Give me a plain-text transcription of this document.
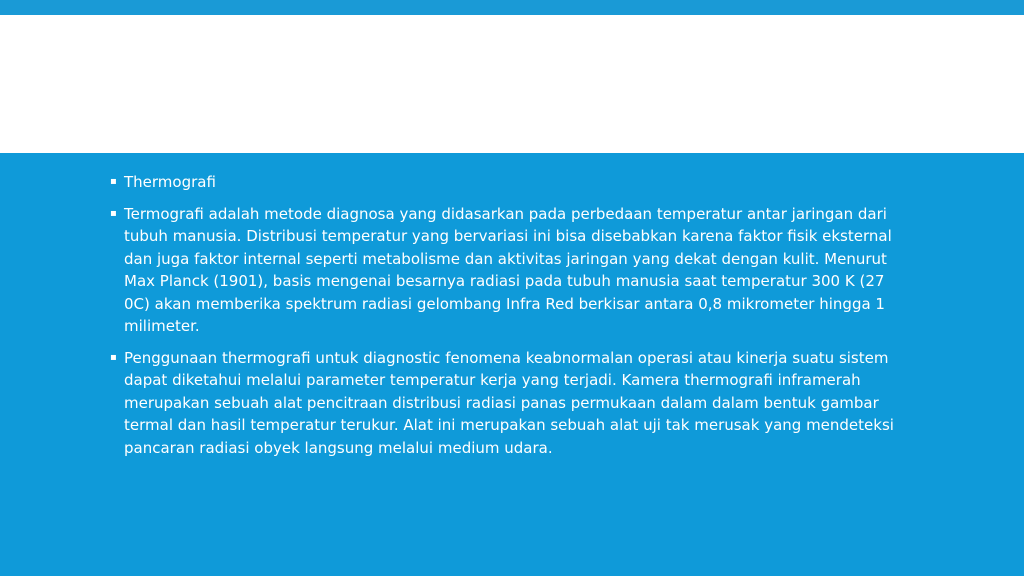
▪ Thermografi
▪ Termografi adalah metode diagnosa yang didasarkan pada perbedaan temperatur antar jaringan dari tubuh manusia. Distribusi temperatur yang bervariasi ini bisa disebabkan karena faktor fisik eksternal dan juga faktor internal seperti metabolisme dan aktivitas jaringan yang dekat dengan kulit. Menurut Max Planck (1901), basis mengenai besarnya radiasi pada tubuh manusia saat temperatur 300 K (27 0C) akan memberika spektrum radiasi gelombang Infra Red berkisar antara 0,8 mikrometer hingga 1 milimeter.
▪ Penggunaan thermografi untuk diagnostic fenomena keabnormalan operasi atau kinerja suatu sistem dapat diketahui melalui parameter temperatur kerja yang terjadi. Kamera thermografi inframerah merupakan sebuah alat pencitraan distribusi radiasi panas permukaan dalam dalam bentuk gambar termal dan hasil temperatur terukur. Alat ini merupakan sebuah alat uji tak merusak yang mendeteksi pancaran radiasi obyek langsung melalui medium udara.
